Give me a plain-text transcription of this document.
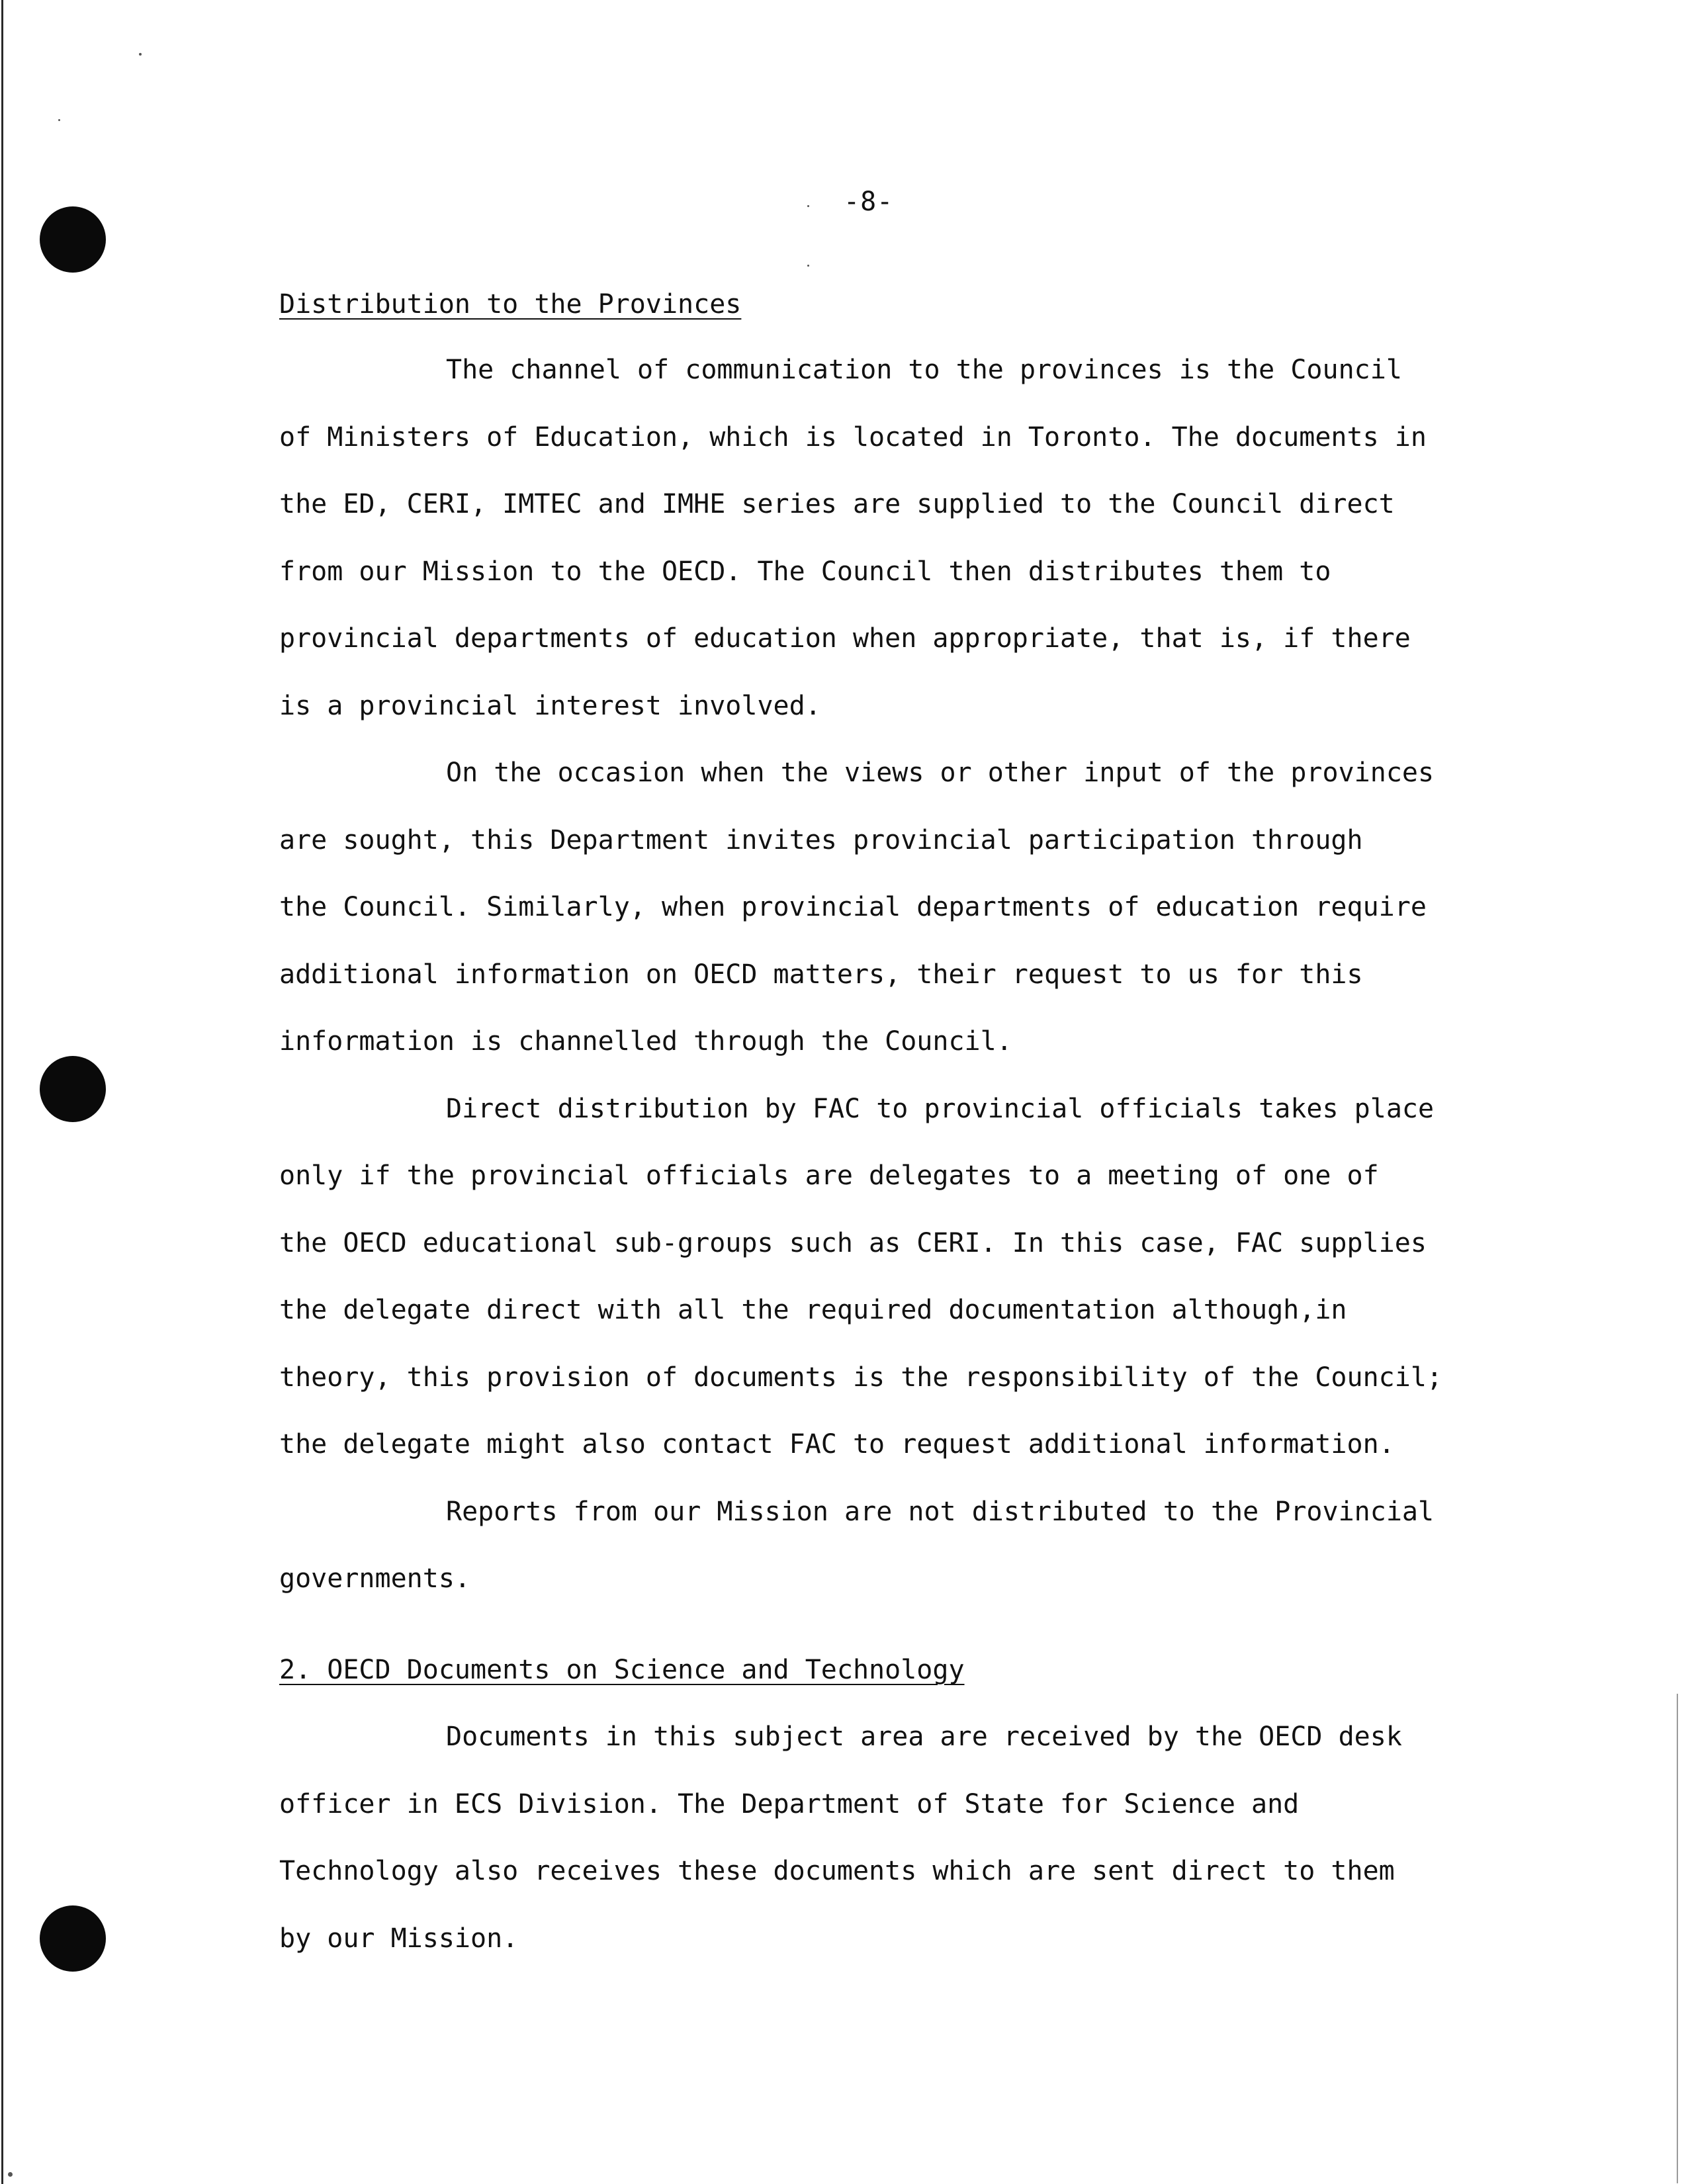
-8-
Distribution to the Provinces
The channel of communication to the provinces is the Council
of Ministers of Education, which is located in Toronto. The documents in
the ED, CERI, IMTEC and IMHE series are supplied to the Council direct
from our Mission to the OECD. The Council then distributes them to
provincial departments of education when appropriate, that is, if there
is a provincial interest involved.
On the occasion when the views or other input of the provinces
are sought, this Department invites provincial participation through
the Council. Similarly, when provincial departments of education require
additional information on OECD matters, their request to us for this
information is channelled through the Council.
Direct distribution by FAC to provincial officials takes place
only if the provincial officials are delegates to a meeting of one of
the OECD educational sub-groups such as CERI. In this case, FAC supplies
the delegate direct with all the required documentation although,in
theory, this provision of documents is the responsibility of the Council;
the delegate might also contact FAC to request additional information.
Reports from our Mission are not distributed to the Provincial
governments.
2. OECD Documents on Science and Technology
Documents in this subject area are received by the OECD desk
officer in ECS Division. The Department of State for Science and
Technology also receives these documents which are sent direct to them
by our Mission.
